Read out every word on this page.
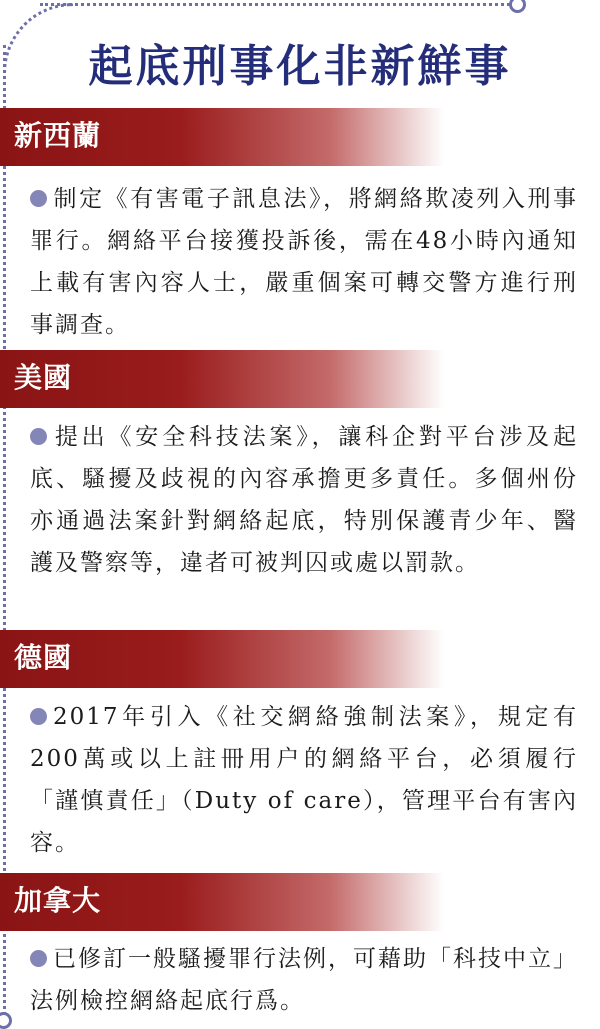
起底刑事化非新鮮事
新西蘭
制定《有害電子訊息法》，將網絡欺凌列入刑事罪行。網絡平台接獲投訴後，需在48小時內通知上載有害內容人士，嚴重個案可轉交警方進行刑事調查。
美國
提出《安全科技法案》，讓科企對平台涉及起底、騷擾及歧視的內容承擔更多責任。多個州份亦通過法案針對網絡起底，特別保護青少年、醫護及警察等，違者可被判囚或處以罰款。
德國
2017年引入《社交網絡強制法案》，規定有200萬或以上註冊用户的網絡平台，必須履行「謹慎責任」（Duty of care），管理平台有害內容。
加拿大
已修訂一般騷擾罪行法例，可藉助「科技中立」法例檢控網絡起底行爲。
